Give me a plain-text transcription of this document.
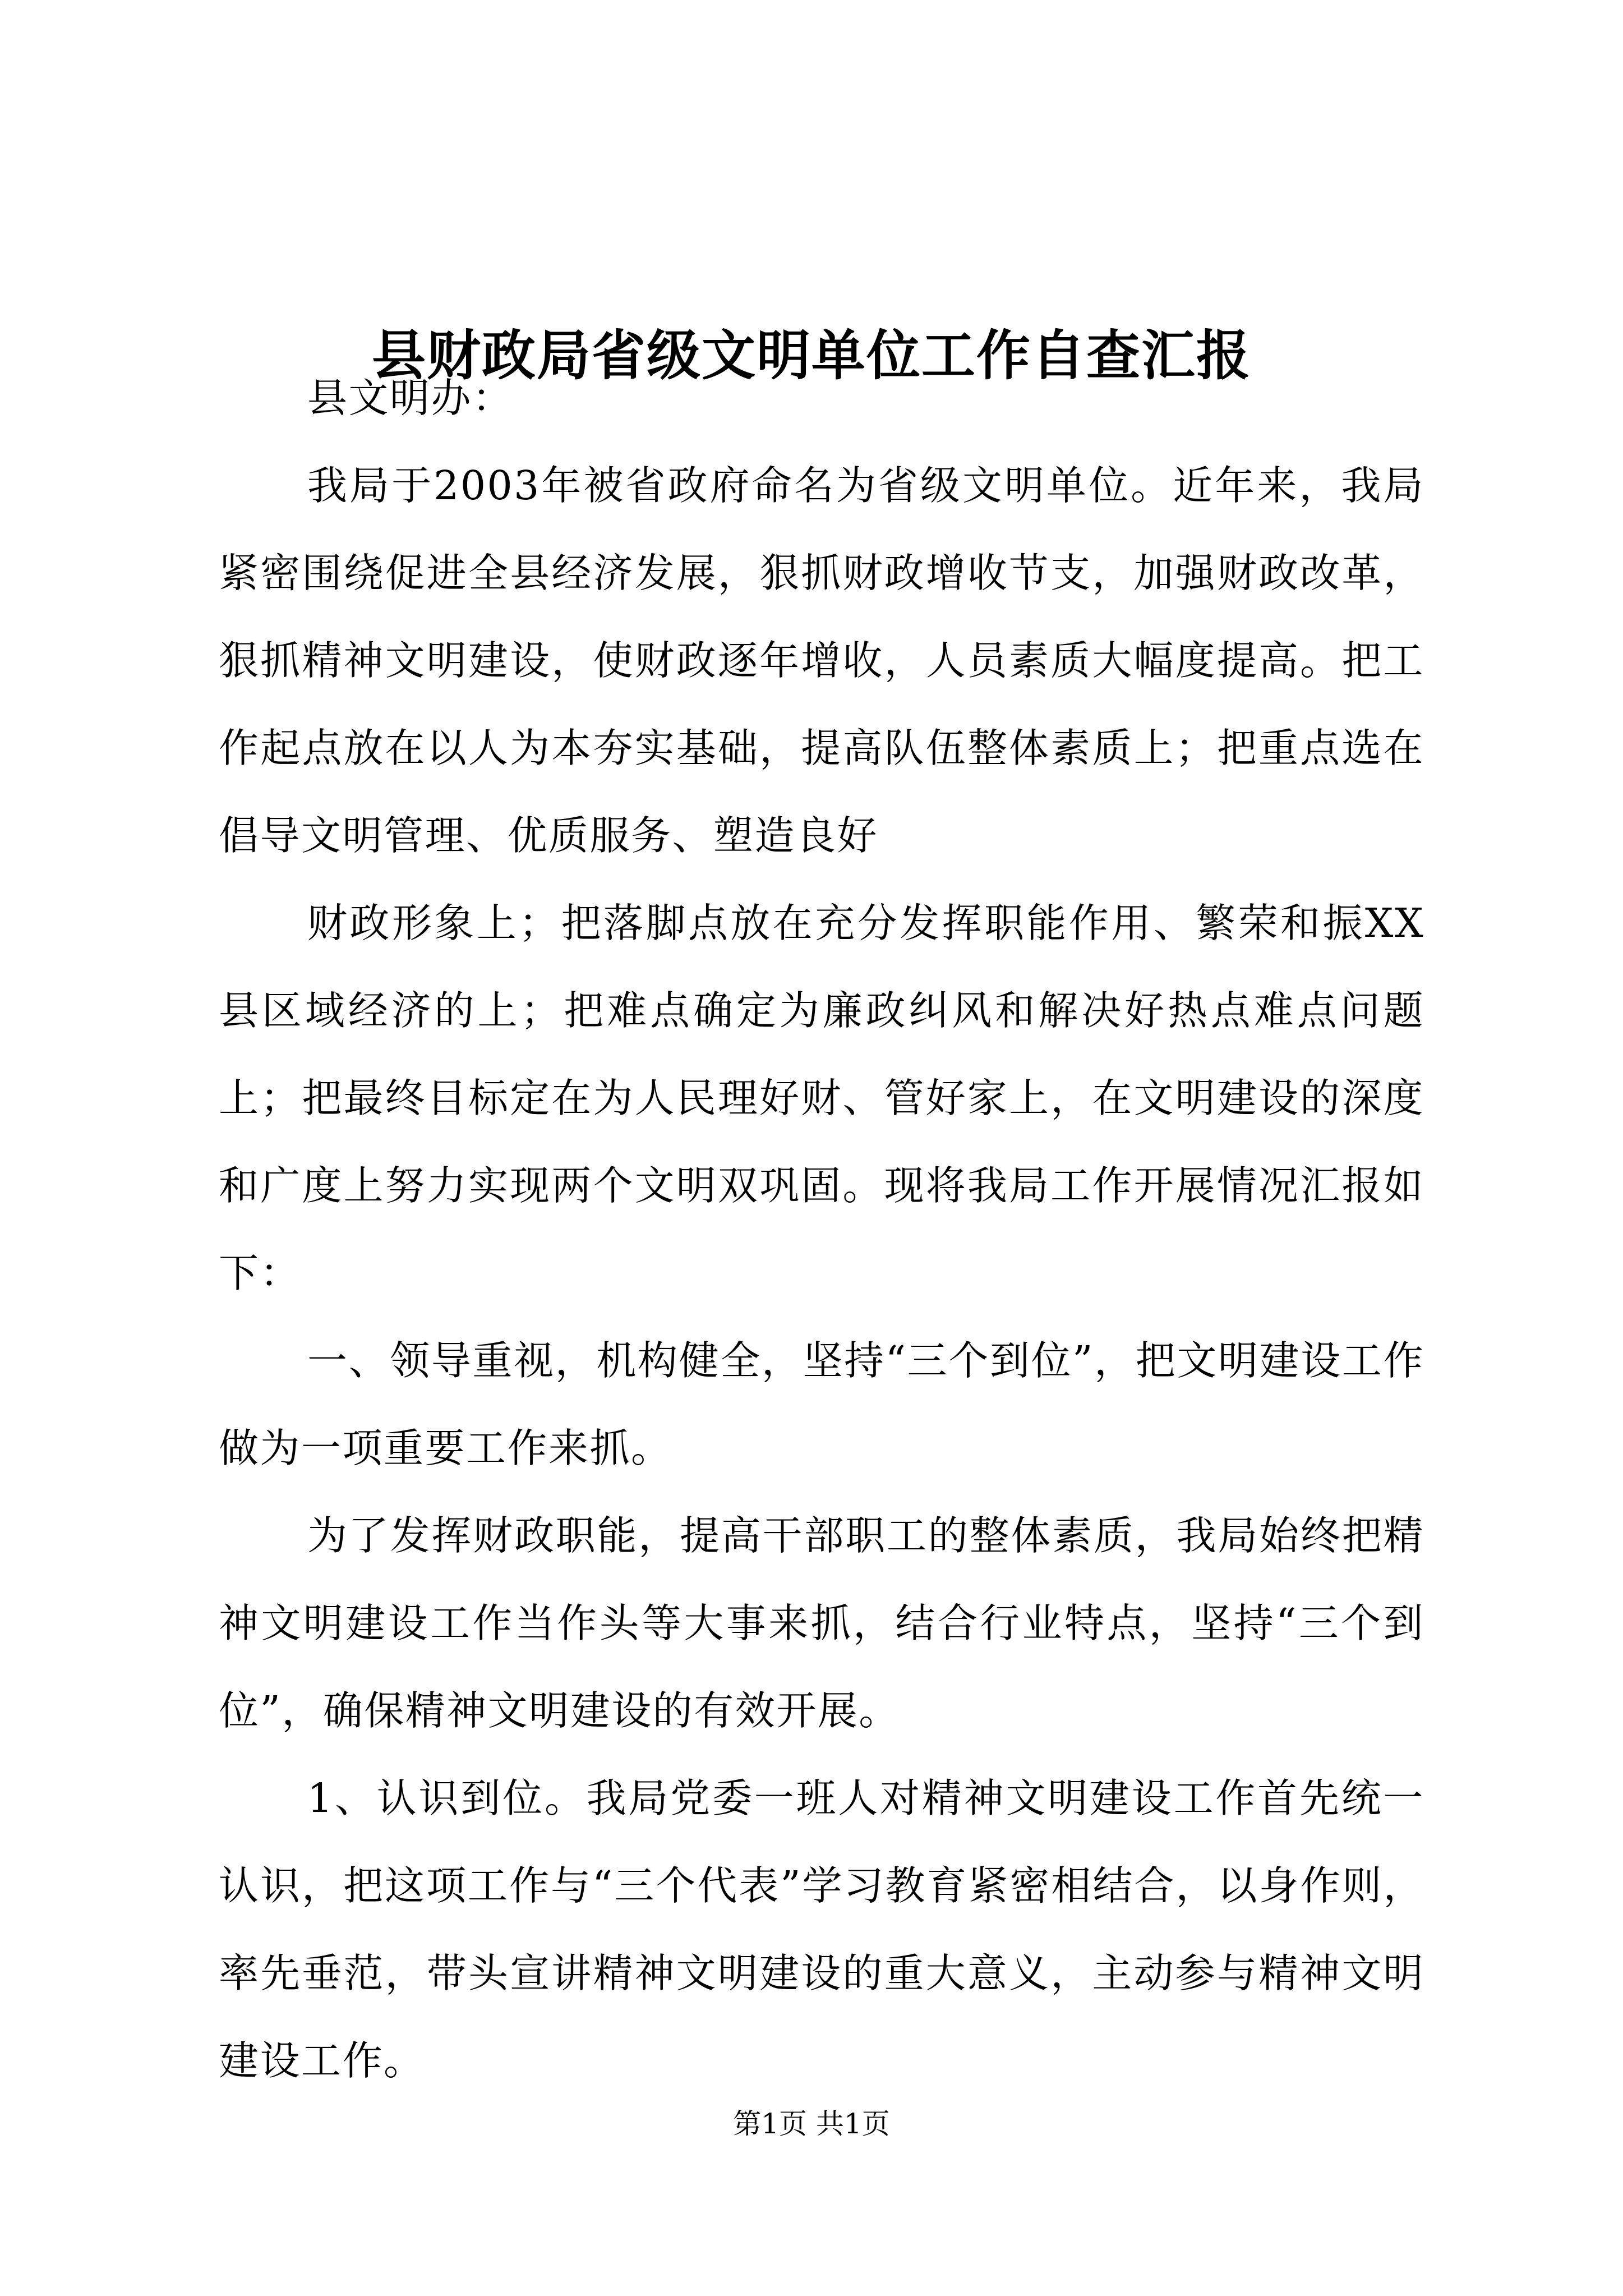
县财政局省级文明单位工作自查汇报

县文明办：

我局于2003年被省政府命名为省级文明单位。近年来，我局紧密围绕促进全县经济发展，狠抓财政增收节支，加强财政改革，狠抓精神文明建设，使财政逐年增收，人员素质大幅度提高。把工作起点放在以人为本夯实基础，提高队伍整体素质上；把重点选在倡导文明管理、优质服务、塑造良好

财政形象上；把落脚点放在充分发挥职能作用、繁荣和振XX县区域经济的上；把难点确定为廉政纠风和解决好热点难点问题上；把最终目标定在为人民理好财、管好家上，在文明建设的深度和广度上努力实现两个文明双巩固。现将我局工作开展情况汇报如下：

一、领导重视，机构健全，坚持“三个到位”，把文明建设工作做为一项重要工作来抓。

为了发挥财政职能，提高干部职工的整体素质，我局始终把精神文明建设工作当作头等大事来抓，结合行业特点，坚持“三个到位”，确保精神文明建设的有效开展。

1、认识到位。我局党委一班人对精神文明建设工作首先统一认识，把这项工作与“三个代表”学习教育紧密相结合，以身作则，率先垂范，带头宣讲精神文明建设的重大意义，主动参与精神文明建设工作。

第1页 共1页
